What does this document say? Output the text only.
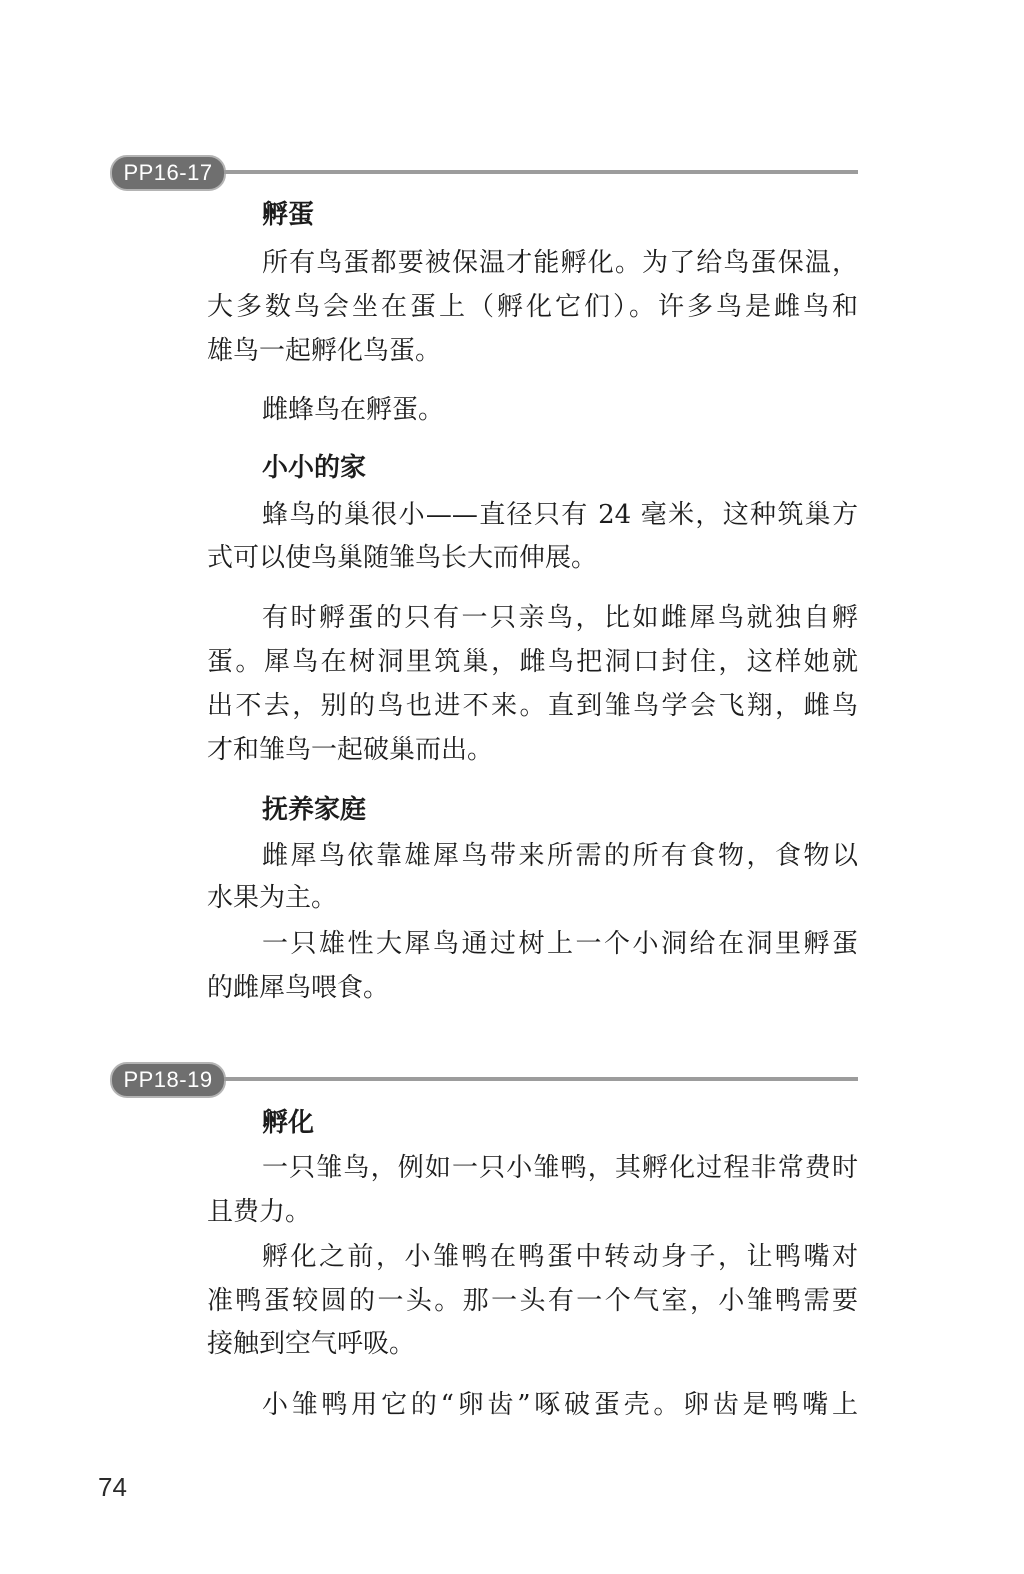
PP16-17
孵蛋
所有鸟蛋都要被保温才能孵化。为了给鸟蛋保温，
大多数鸟会坐在蛋上（孵化它们）。许多鸟是雌鸟和
雄鸟一起孵化鸟蛋。
雌蜂鸟在孵蛋。
小小的家
蜂鸟的巢很小——直径只有 24 毫米，这种筑巢方
式可以使鸟巢随雏鸟长大而伸展。
有时孵蛋的只有一只亲鸟，比如雌犀鸟就独自孵
蛋。犀鸟在树洞里筑巢，雌鸟把洞口封住，这样她就
出不去，别的鸟也进不来。直到雏鸟学会飞翔，雌鸟
才和雏鸟一起破巢而出。
抚养家庭
雌犀鸟依靠雄犀鸟带来所需的所有食物，食物以
水果为主。
一只雄性大犀鸟通过树上一个小洞给在洞里孵蛋
的雌犀鸟喂食。
PP18-19
孵化
一只雏鸟，例如一只小雏鸭，其孵化过程非常费时
且费力。
孵化之前，小雏鸭在鸭蛋中转动身子，让鸭嘴对
准鸭蛋较圆的一头。那一头有一个气室，小雏鸭需要
接触到空气呼吸。
小雏鸭用它的“卵齿”啄破蛋壳。卵齿是鸭嘴上
74
